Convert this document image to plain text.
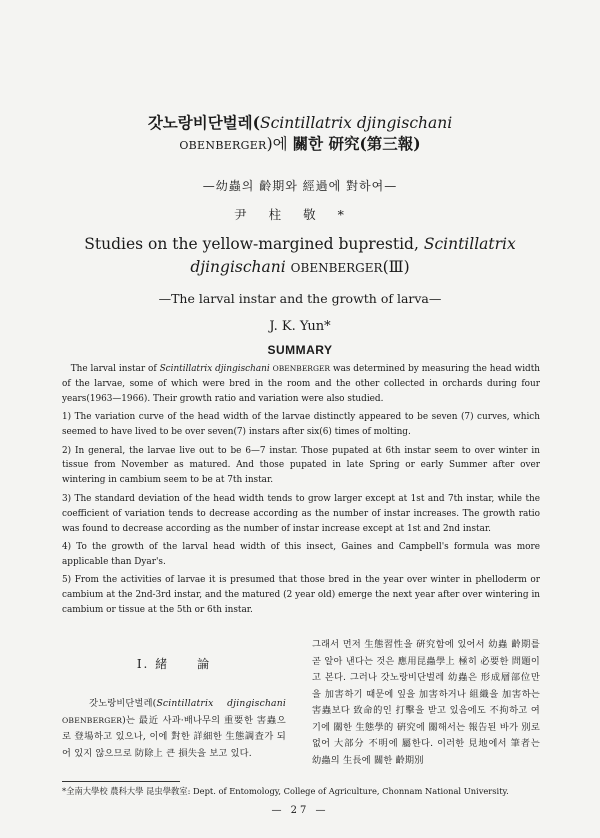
갓노랑비단벌레(Scintillatrix djingischani
OBENBERGER)에 關한 研究(第三報)
—幼蟲의 齡期와 經過에 對하여—
尹柱敬*
Studies on the yellow-margined buprestid, Scintillatrix
djingischani OBENBERGER(Ⅲ)
—The larval instar and the growth of larva—
J. K. Yun*
SUMMARY

The larval instar of Scintillatrix djingischani OBENBERGER was determined by measuring the head width of the larvae, some of which were bred in the room and the other collected in orchards during four years(1963—1966). Their growth ratio and variation were also studied.

1) The variation curve of the head width of the larvae distinctly appeared to be seven (7) curves, which seemed to have lived to be over seven(7) instars after six(6) times of molting.

2) In general, the larvae live out to be 6—7 instar. Those pupated at 6th instar seem to over winter in tissue from November as matured. And those pupated in late Spring or early Summer after over wintering in cambium seem to be at 7th instar.

3) The standard deviation of the head width tends to grow larger except at 1st and 7th instar, while the coefficient of variation tends to decrease according as the number of instar increases. The growth ratio was found to decrease according as the number of instar increase except at 1st and 2nd instar.

4) To the growth of the larval head width of this insect, Gaines and Campbell's formula was more applicable than Dyar's.

5) From the activities of larvae it is presumed that those bred in the year over winter in phelloderm or cambium at the 2nd-3rd instar, and the matured (2 year old) emerge the next year after over wintering in cambium or tissue at the 5th or 6th instar.

Ⅰ. 緒　　論
갓노랑비단벌레(Scintillatrix djingischani OBENBERGER)는 最近 사과·배나무의 重要한 害蟲으로 登場하고 있으나, 이에 對한 詳細한 生態調査가 되어 있지 않으므로 防除上 큰 損失을 보고 있다.
그래서 먼저 生態習性을 硏究함에 있어서 幼蟲 齡期를 곧 알아 낸다는 것은 應用昆蟲學上 極히 必要한 問題이고 본다. 그러나 갓노랑비단벌레 幼蟲은 形成層部位만을 加害하기 때문에 잎을 加害하거나 組織을 加害하는 害蟲보다 致命的인 打擊을 받고 있음에도 不拘하고 여기에 關한 生態學的 硏究에 關해서는 報告된 바가 別로 없어 大部分 不明에 屬한다. 이러한 見地에서 筆者는 幼蟲의 生長에 關한 齡期別
*全南大學校 農科大學 昆虫學敎室: Dept. of Entomology, College of Agriculture, Chonnam National University.
— 27 —
